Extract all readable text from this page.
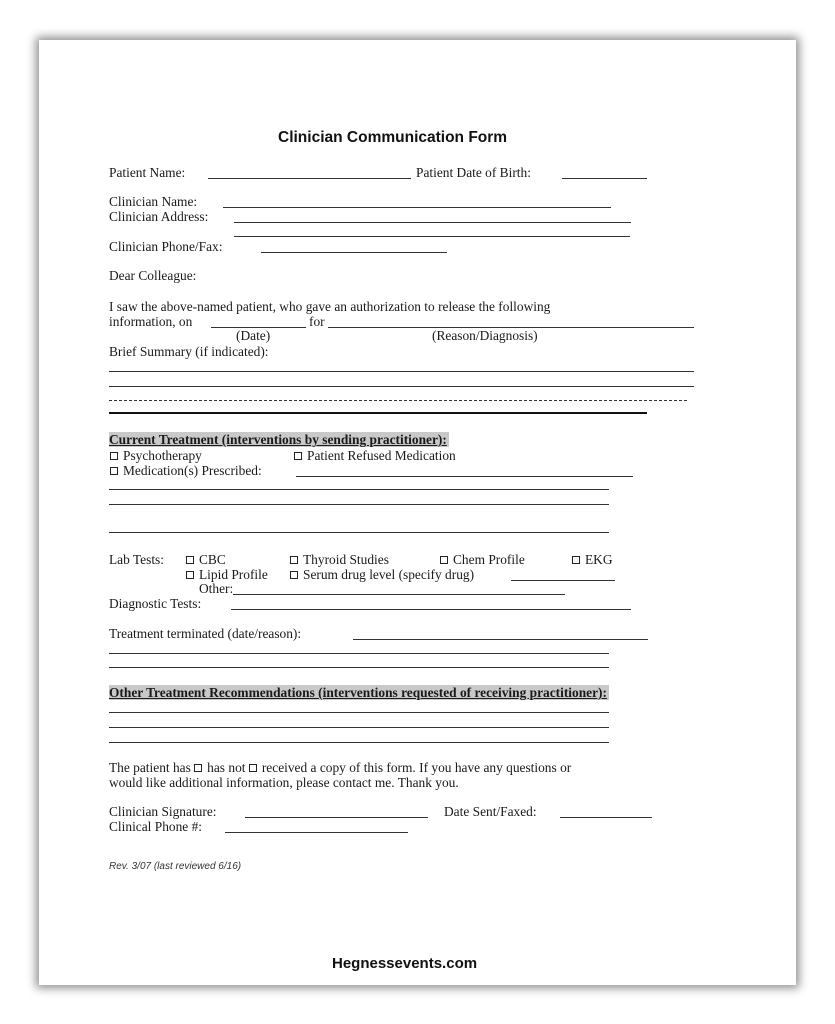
Clinician Communication Form
Patient Name:	Patient Date of Birth:
Clinician Name:
Clinician Address:
Clinician Phone/Fax:
Dear Colleague:
I saw the above-named patient, who gave an authorization to release the following
information, on	for
(Date)	(Reason/Diagnosis)
Brief Summary (if indicated):
Current Treatment (interventions by sending practitioner):
Psychotherapy	Patient Refused Medication
Medication(s) Prescribed:
Lab Tests:	CBC	Thyroid Studies	Chem Profile	EKG
Lipid Profile	Serum drug level (specify drug)
Other:
Diagnostic Tests:
Treatment terminated (date/reason):
Other Treatment Recommendations (interventions requested of receiving practitioner):
The patient has has not received a copy of this form. If you have any questions or
would like additional information, please contact me. Thank you.
Clinician Signature:	Date Sent/Faxed:
Clinical Phone #:
Rev. 3/07 (last reviewed 6/16)
Hegnessevents.com
